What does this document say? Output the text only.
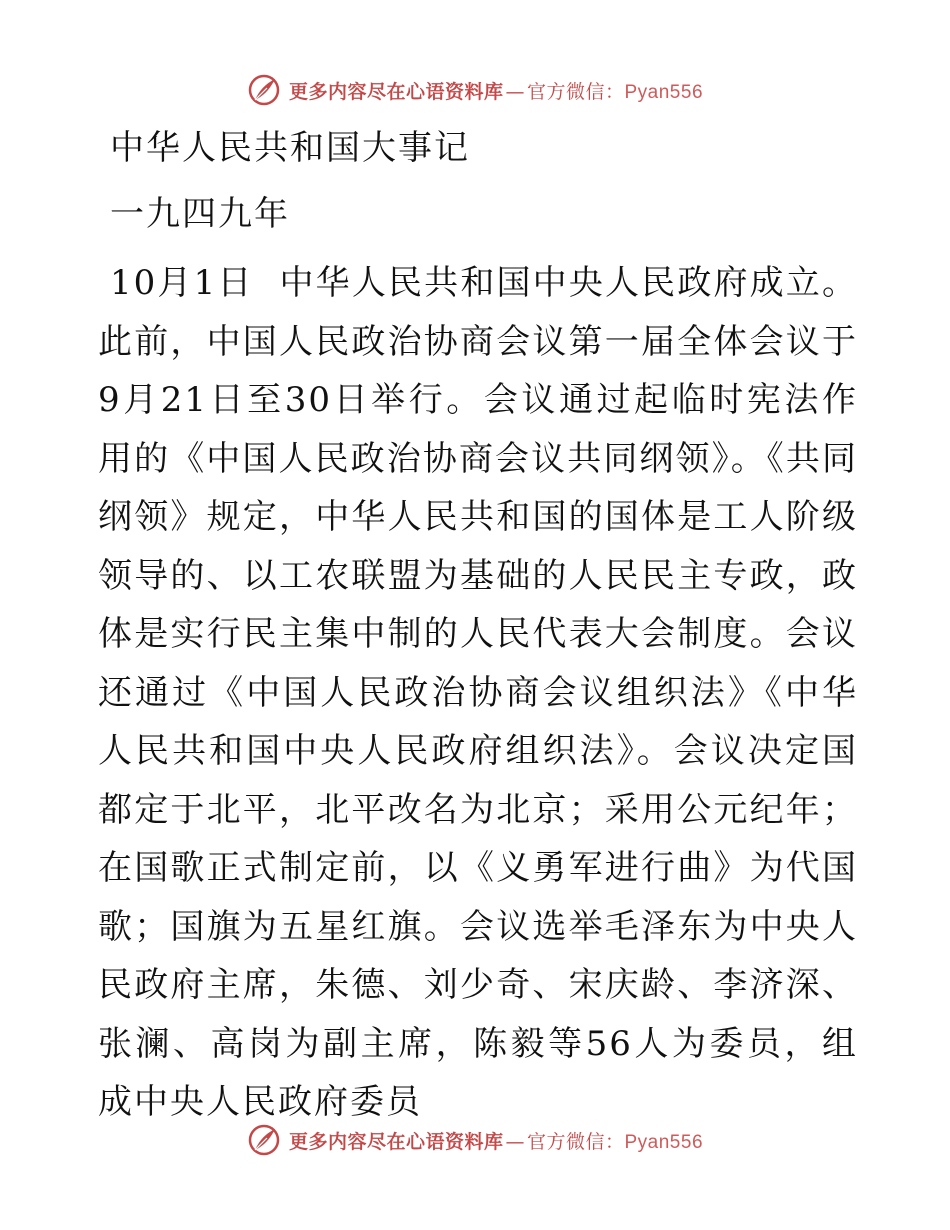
更多内容尽在心语资料库 — 官方微信： Pyan556
中华人民共和国大事记
一九四九年

10月1日 中华人民共和国中央人民政府成立。此前，中国人民政治协商会议第一届全体会议于9月21日至30日举行。会议通过起临时宪法作用的《中国人民政治协商会议共同纲领》。《共同纲领》规定，中华人民共和国的国体是工人阶级领导的、以工农联盟为基础的人民民主专政，政体是实行民主集中制的人民代表大会制度。会议还通过《中国人民政治协商会议组织法》《中华人民共和国中央人民政府组织法》。会议决定国都定于北平，北平改名为北京；采用公元纪年；在国歌正式制定前，以《义勇军进行曲》为代国歌；国旗为五星红旗。会议选举毛泽东为中央人民政府主席，朱德、刘少奇、宋庆龄、李济深、张澜、高岗为副主席，陈毅等56人为委员，组成中央人民政府委员

更多内容尽在心语资料库 — 官方微信： Pyan556
